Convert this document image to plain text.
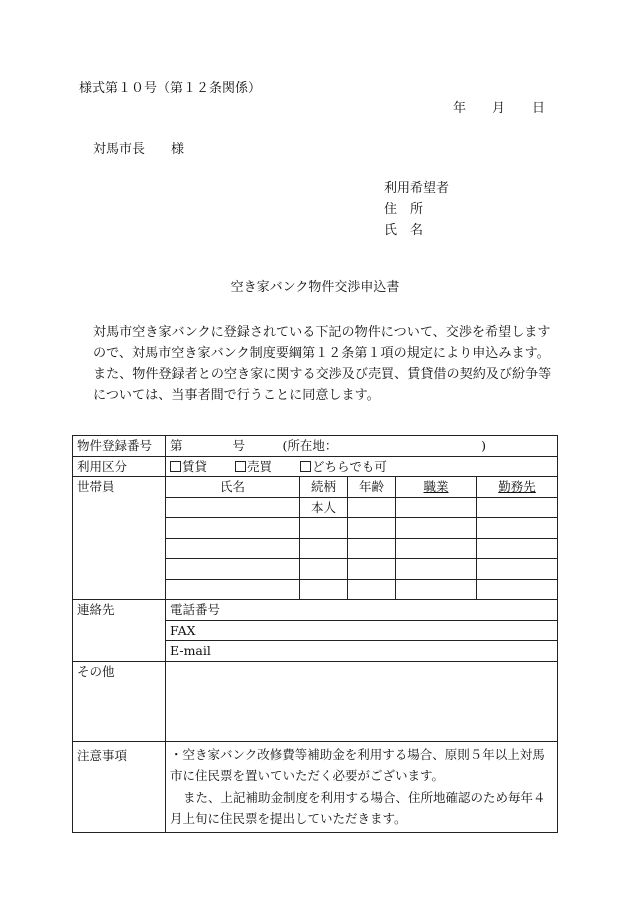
様式第１０号（第１２条関係）
年 月 日
対馬市長 様
利用希望者
住　所
氏　名
空き家バンク物件交渉申込書

対馬市空き家バンクに登録されている下記の物件について、交渉を希望しますので、対馬市空き家バンク制度要綱第１２条第１項の規定により申込みます。

また、物件登録者との空き家に関する交渉及び売買、賃貸借の契約及び紛争等については、当事者間で行うことに同意します。

物件登録番号	第　　　　号　　　(所在地：　　　　　　　　　　　　)				
利用区分	賃貸 売買 どちらでも可				
世帯員	氏名	続柄	年齢	職業	勤務先
		本人			

連絡先	電話番号				
	FAX				
	E-mail				
その他					
注意事項	・空き家バンク改修費等補助金を利用する場合、原則５年以上対馬市に住民票を置いていただく必要がございます。

また、上記補助金制度を利用する場合、住所地確認のため毎年４月上旬に住民票を提出していただきます。				
